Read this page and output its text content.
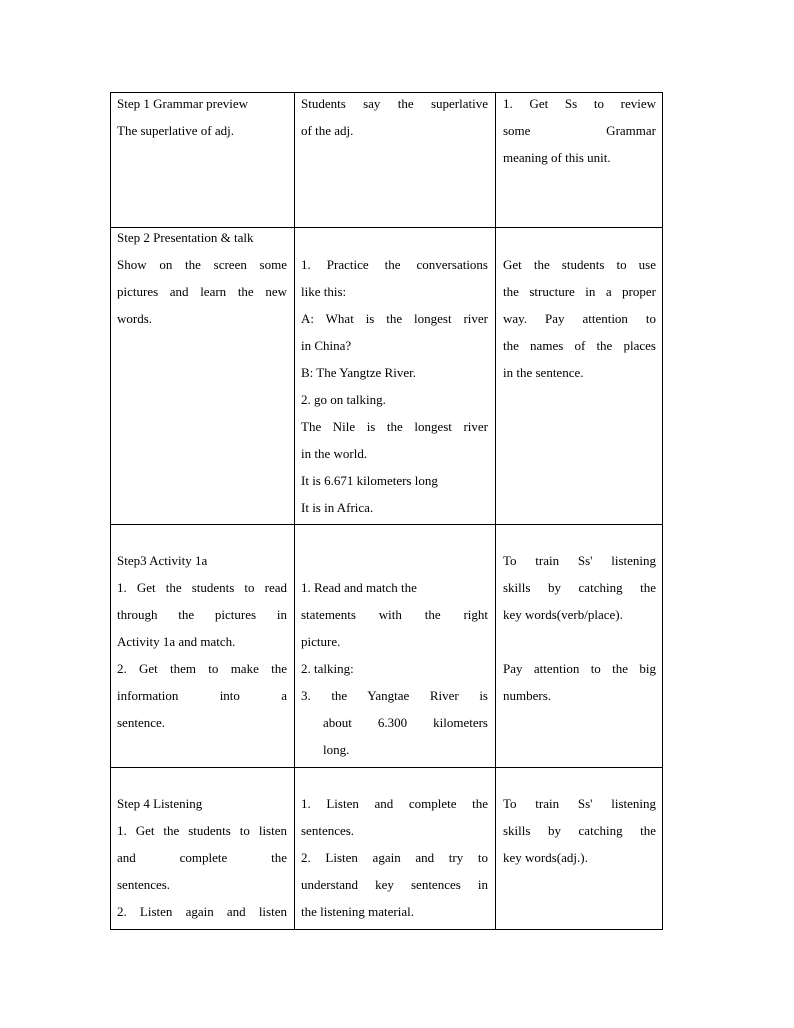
Step 1 Grammar preview
The superlative of adj.
Students say the superlative
of the adj.
1. Get Ss to review
some Grammar
meaning of this unit.
Step 2 Presentation & talk
Show on the screen some
pictures and learn the new
words.
1. Practice the conversations
like this:
A: What is the longest river
in China?
B: The Yangtze River.
2. go on talking.
The Nile is the longest river
in the world.
It is 6.671 kilometers long
It is in Africa.
Get the students to use
the structure in a proper
way. Pay attention to
the names of the places
in the sentence.
Step3 Activity 1a
1. Get the students to read
through the pictures in
Activity 1a and match.
2. Get them to make the
information into a
sentence.
1. Read and match the
statements with the right
picture.
2. talking:
3. the Yangtae River is
about 6.300 kilometers
long.
To train Ss' listening
skills by catching the
key words(verb/place).
Pay attention to the big
numbers.
Step 4 Listening
1. Get the students to listen
and complete the
sentences.
2. Listen again and listen
1. Listen and complete the
sentences.
2. Listen again and try to
understand key sentences in
the listening material.
To train Ss' listening
skills by catching the
key words(adj.).
